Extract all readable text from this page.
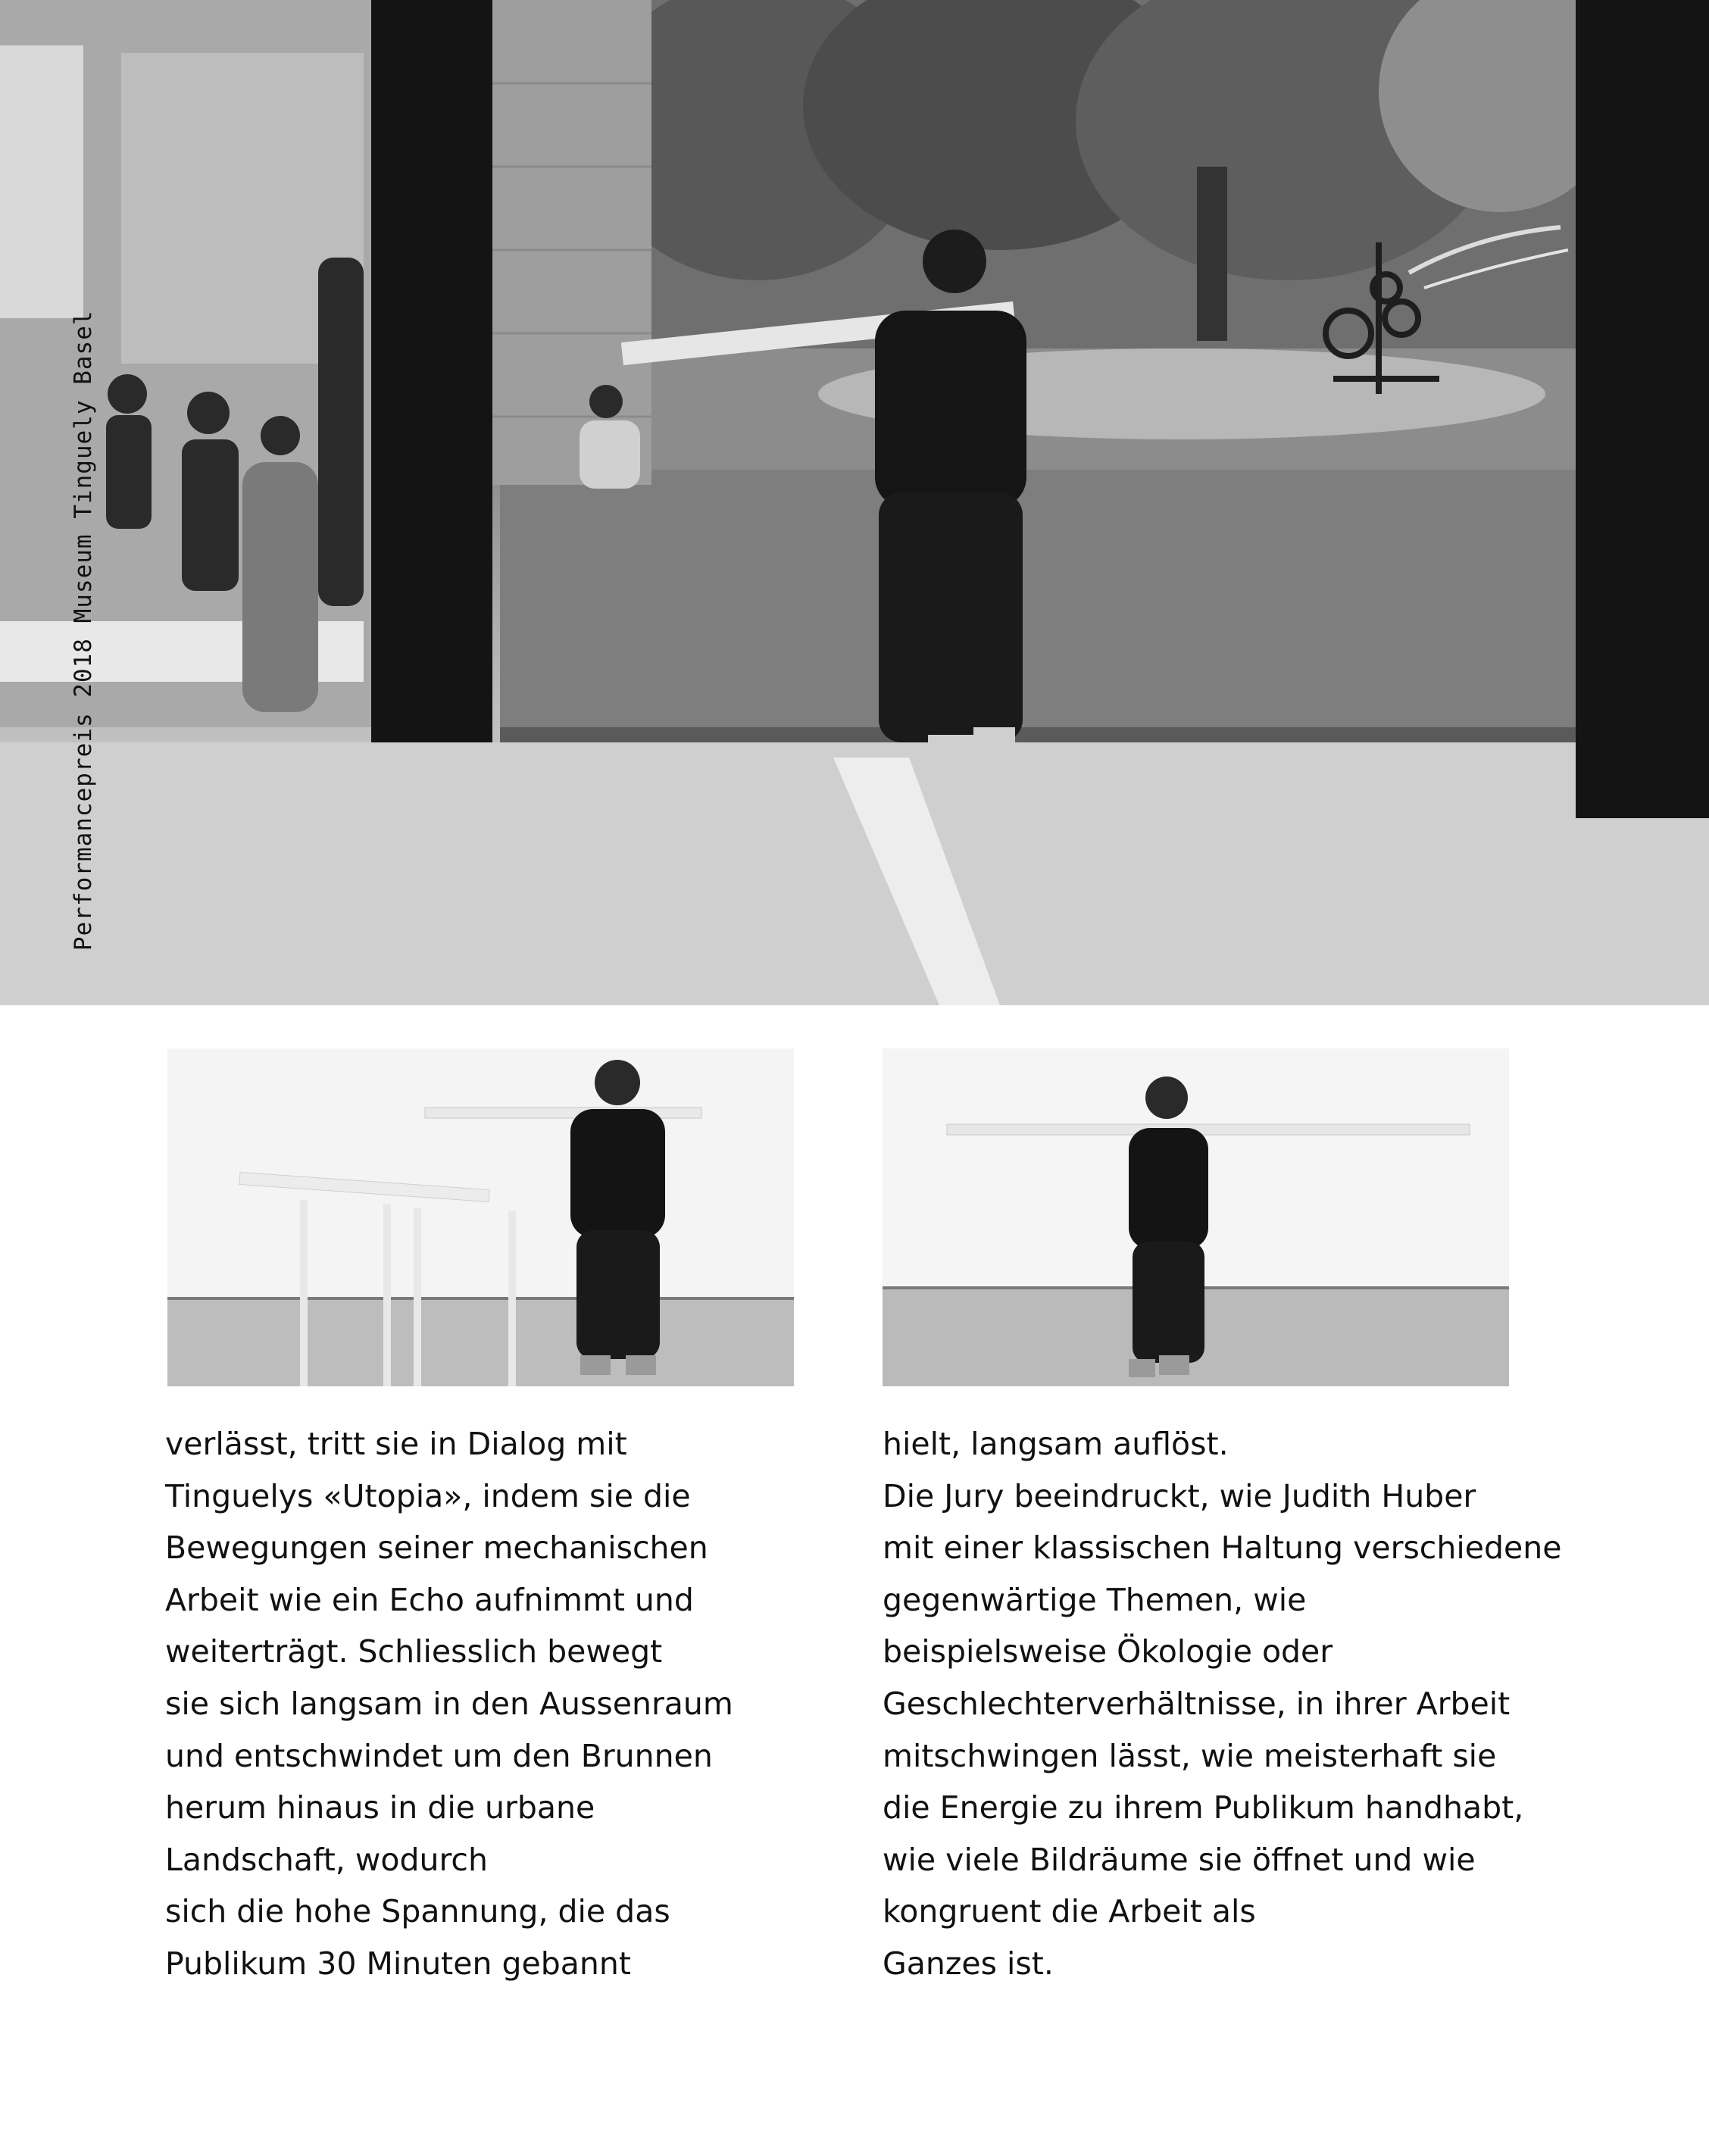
Performancepreis 2018 Museum Tinguely Basel
verlässt, tritt sie in Dialog mit
Tinguelys «Utopia», indem sie die
Bewegungen seiner mechanischen
Arbeit wie ein Echo aufnimmt und
weiterträgt. Schliesslich bewegt
sie sich langsam in den Aussenraum
und entschwindet um den Brunnen
herum hinaus in die urbane
Landschaft, wodurch
sich die hohe Spannung, die das
Publikum 30 Minuten gebannt
hielt, langsam auflöst.
Die Jury beeindruckt, wie Judith Huber
mit einer klassischen Haltung verschiedene
gegenwärtige Themen, wie
beispielsweise Ökologie oder
Geschlechterverhältnisse, in ihrer Arbeit
mitschwingen lässt, wie meisterhaft sie
die Energie zu ihrem Publikum handhabt,
wie viele Bildräume sie öffnet und wie
kongruent die Arbeit als
Ganzes ist.
